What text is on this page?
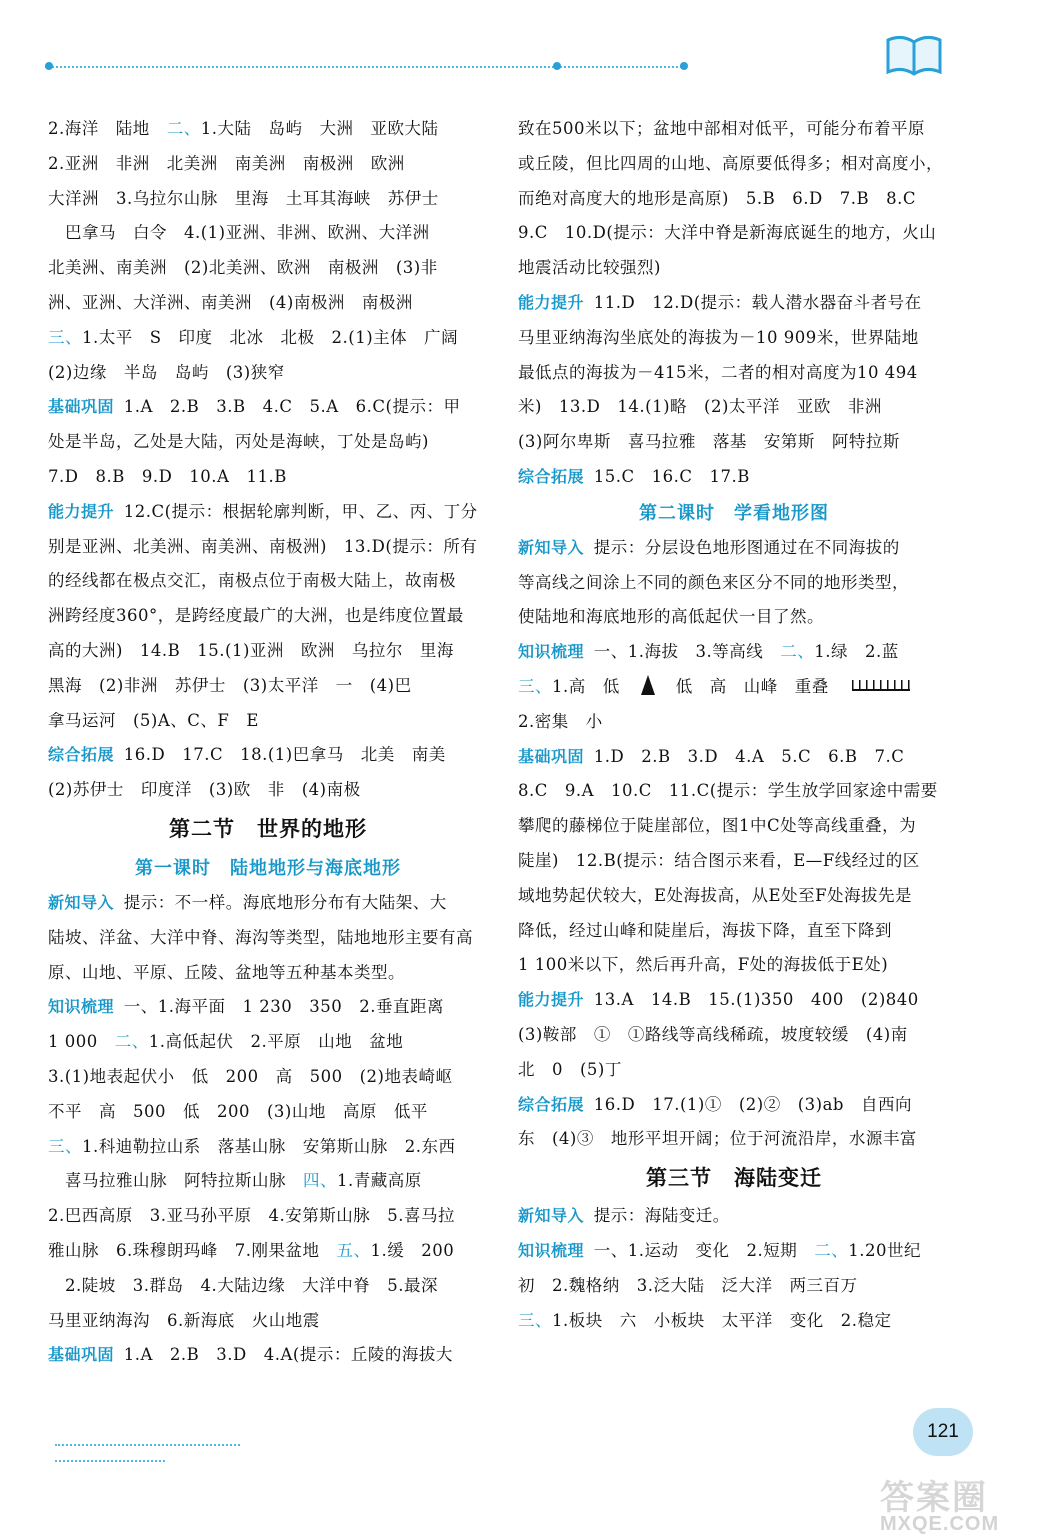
2.海洋　陆地　二、1.大陆　岛屿　大洲　亚欧大陆
2.亚洲　非洲　北美洲　南美洲　南极洲　欧洲
大洋洲　3.乌拉尔山脉　里海　土耳其海峡　苏伊士
　巴拿马　白令　4.(1)亚洲、非洲、欧洲、大洋洲
北美洲、南美洲　(2)北美洲、欧洲　南极洲　(3)非
洲、亚洲、大洋洲、南美洲　(4)南极洲　南极洲
三、1.太平　S　印度　北冰　北极　2.(1)主体　广阔
(2)边缘　半岛　岛屿　(3)狭窄
基础巩固 1.A　2.B　3.B　4.C　5.A　6.C(提示：甲
处是半岛，乙处是大陆，丙处是海峡，丁处是岛屿)
7.D　8.B　9.D　10.A　11.B
能力提升 12.C(提示：根据轮廓判断，甲、乙、丙、丁分
别是亚洲、北美洲、南美洲、南极洲)　13.D(提示：所有
的经线都在极点交汇，南极点位于南极大陆上，故南极
洲跨经度360°，是跨经度最广的大洲，也是纬度位置最
高的大洲)　14.B　15.(1)亚洲　欧洲　乌拉尔　里海
黑海　(2)非洲　苏伊士　(3)太平洋　一　(4)巴
拿马运河　(5)A、C、F　E
综合拓展 16.D　17.C　18.(1)巴拿马　北美　南美
(2)苏伊士　印度洋　(3)欧　非　(4)南极
第二节　世界的地形
第一课时　陆地地形与海底地形
新知导入 提示：不一样。海底地形分布有大陆架、大
陆坡、洋盆、大洋中脊、海沟等类型，陆地地形主要有高
原、山地、平原、丘陵、盆地等五种基本类型。
知识梳理 一、1.海平面　1 230　350　2.垂直距离
1 000　二、1.高低起伏　2.平原　山地　盆地
3.(1)地表起伏小　低　200　高　500　(2)地表崎岖
不平　高　500　低　200　(3)山地　高原　低平
三、1.科迪勒拉山系　落基山脉　安第斯山脉　2.东西
　喜马拉雅山脉　阿特拉斯山脉　四、1.青藏高原
2.巴西高原　3.亚马孙平原　4.安第斯山脉　5.喜马拉
雅山脉　6.珠穆朗玛峰　7.刚果盆地　五、1.缓　200
　2.陡坡　3.群岛　4.大陆边缘　大洋中脊　5.最深
马里亚纳海沟　6.新海底　火山地震
基础巩固 1.A　2.B　3.D　4.A(提示：丘陵的海拔大
致在500米以下；盆地中部相对低平，可能分布着平原
或丘陵，但比四周的山地、高原要低得多；相对高度小，
而绝对高度大的地形是高原)　5.B　6.D　7.B　8.C
9.C　10.D(提示：大洋中脊是新海底诞生的地方，火山
地震活动比较强烈)
能力提升 11.D　12.D(提示：载人潜水器奋斗者号在
马里亚纳海沟坐底处的海拔为－10 909米，世界陆地
最低点的海拔为－415米，二者的相对高度为10 494
米)　13.D　14.(1)略　(2)太平洋　亚欧　非洲
(3)阿尔卑斯　喜马拉雅　落基　安第斯　阿特拉斯
综合拓展 15.C　16.C　17.B
第二课时　学看地形图
新知导入 提示：分层设色地形图通过在不同海拔的
等高线之间涂上不同的颜色来区分不同的地形类型，
使陆地和海底地形的高低起伏一目了然。
知识梳理 一、1.海拔　3.等高线　二、1.绿　2.蓝
三、1.高　低　　低　高　山峰　重叠　
2.密集　小
基础巩固 1.D　2.B　3.D　4.A　5.C　6.B　7.C
8.C　9.A　10.C　11.C(提示：学生放学回家途中需要
攀爬的藤梯位于陡崖部位，图1中C处等高线重叠，为
陡崖)　12.B(提示：结合图示来看，E—F线经过的区
域地势起伏较大，E处海拔高，从E处至F处海拔先是
降低，经过山峰和陡崖后，海拔下降，直至下降到
1 100米以下，然后再升高，F处的海拔低于E处)
能力提升 13.A　14.B　15.(1)350　400　(2)840
(3)鞍部　①　①路线等高线稀疏，坡度较缓　(4)南
北　0　(5)丁
综合拓展 16.D　17.(1)①　(2)②　(3)ab　自西向
东　(4)③　地形平坦开阔；位于河流沿岸，水源丰富
第三节　海陆变迁
新知导入 提示：海陆变迁。
知识梳理 一、1.运动　变化　2.短期　二、1.20世纪
初　2.魏格纳　3.泛大陆　泛大洋　两三百万
三、1.板块　六　小板块　太平洋　变化　2.稳定
121
答案圈
MXQE.COM
